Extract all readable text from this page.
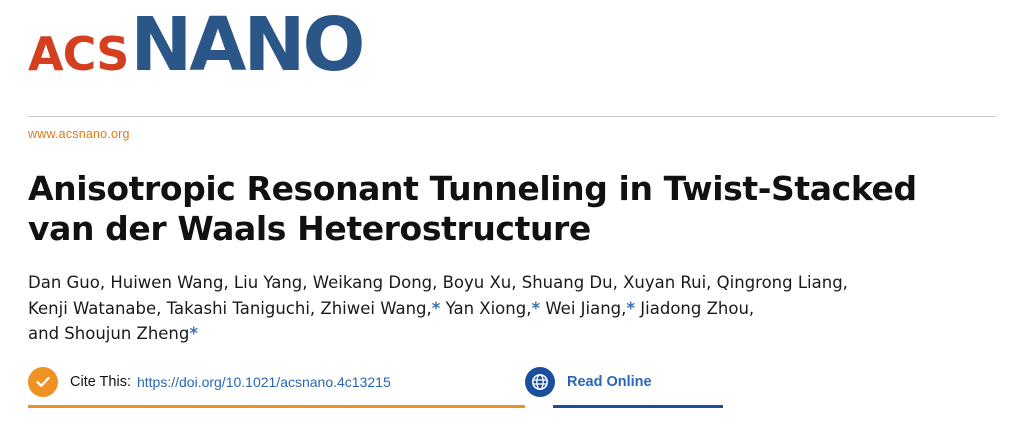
ACS NANO
www.acsnano.org
Anisotropic Resonant Tunneling in Twist-Stacked van der Waals Heterostructure
Dan Guo, Huiwen Wang, Liu Yang, Weikang Dong, Boyu Xu, Shuang Du, Xuyan Rui, Qingrong Liang,
Kenji Watanabe, Takashi Taniguchi, Zhiwei Wang,* Yan Xiong,* Wei Jiang,* Jiadong Zhou,
and Shoujun Zheng*
Cite This: https://doi.org/10.1021/acsnano.4c13215	Read Online
